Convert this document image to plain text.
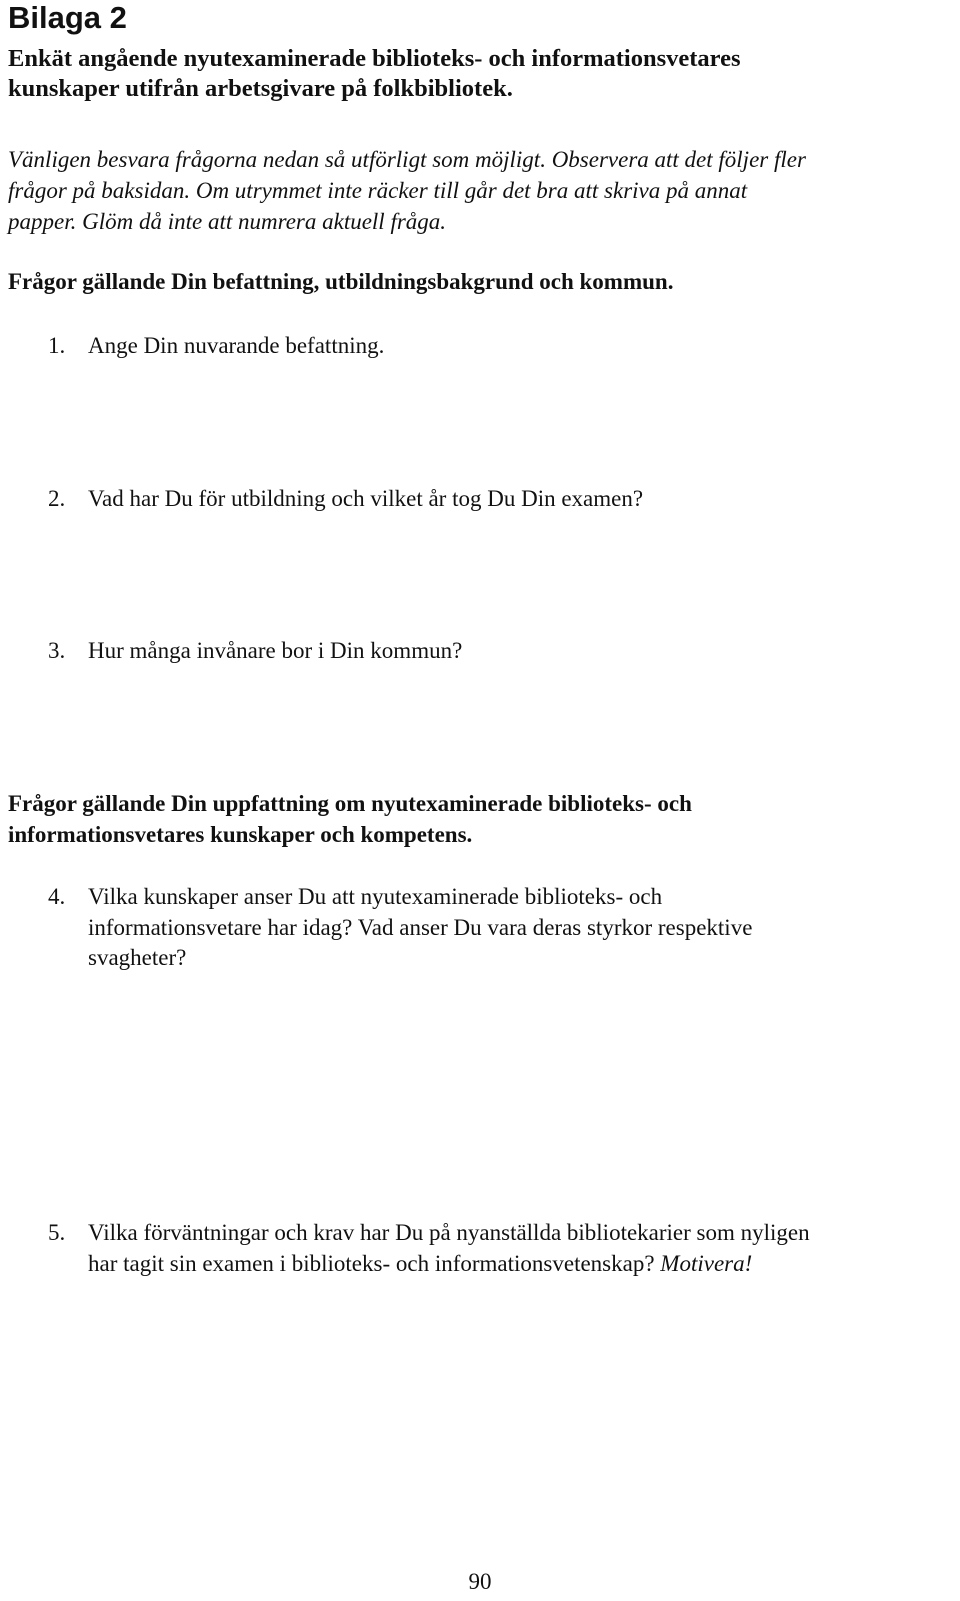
Bilaga 2
Enkät angående nyutexaminerade biblioteks- och informationsvetares
kunskaper utifrån arbetsgivare på folkbibliotek.
Vänligen besvara frågorna nedan så utförligt som möjligt. Observera att det följer fler
frågor på baksidan. Om utrymmet inte räcker till går det bra att skriva på annat
papper. Glöm då inte att numrera aktuell fråga.
Frågor gällande Din befattning, utbildningsbakgrund och kommun.
1. Ange Din nuvarande befattning.
2. Vad har Du för utbildning och vilket år tog Du Din examen?
3. Hur många invånare bor i Din kommun?
Frågor gällande Din uppfattning om nyutexaminerade biblioteks- och
informationsvetares kunskaper och kompetens.
4. Vilka kunskaper anser Du att nyutexaminerade biblioteks- och
informationsvetare har idag? Vad anser Du vara deras styrkor respektive
svagheter?
5. Vilka förväntningar och krav har Du på nyanställda bibliotekarier som nyligen
har tagit sin examen i biblioteks- och informationsvetenskap? Motivera!
90
